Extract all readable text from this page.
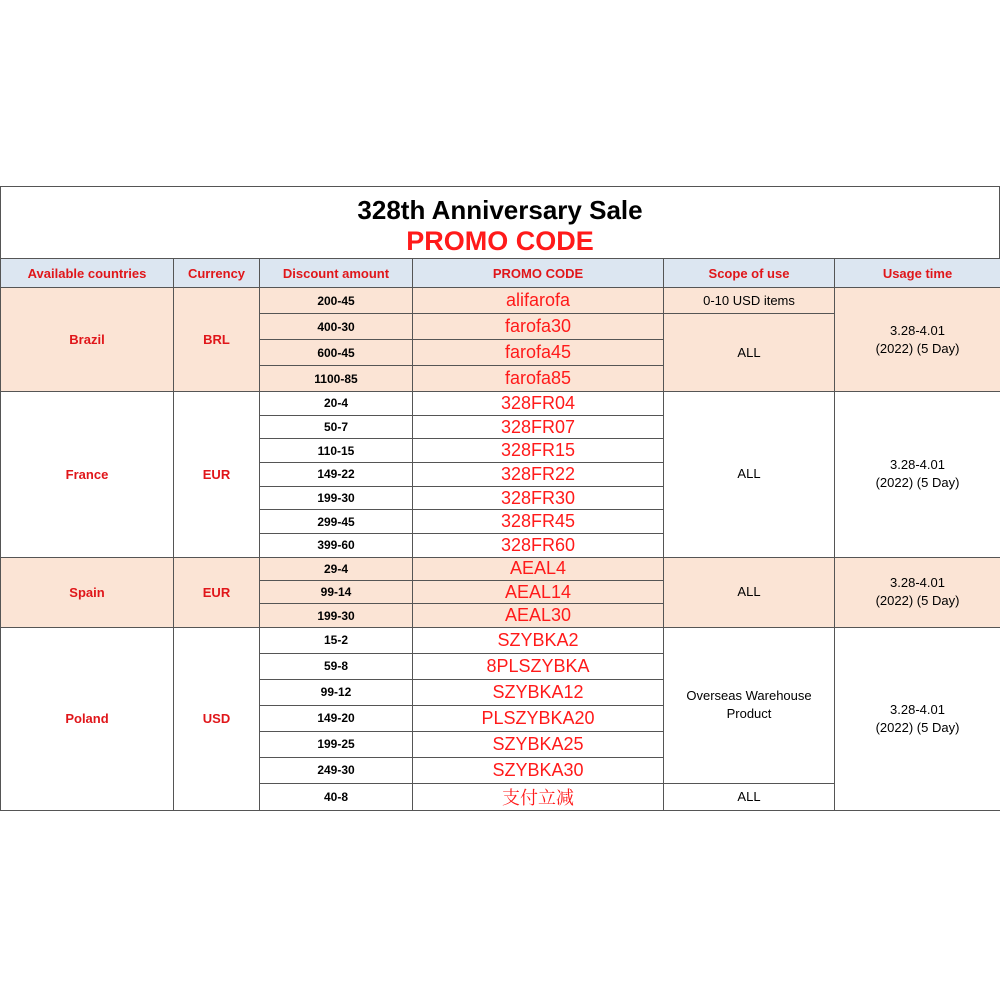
328th Anniversary Sale
PROMO CODE
Available countries	Currency	Discount amount	PROMO CODE	Scope of use	Usage time
Brazil	BRL	200-45	alifarofa	0-10 USD items	3.28-4.01
(2022) (5 Day)

		400-30	farofa30	ALL	
		600-45	farofa45		
		1100-85	farofa85		
France	EUR	20-4	328FR04	ALL	3.28-4.01
(2022) (5 Day)

		50-7	328FR07		
		110-15	328FR15		
		149-22	328FR22		
		199-30	328FR30		
		299-45	328FR45		
		399-60	328FR60		
Spain	EUR	29-4	AEAL4	ALL	3.28-4.01
(2022) (5 Day)

		99-14	AEAL14		
		199-30	AEAL30		
Poland	USD	15-2	SZYBKA2	Overseas Warehouse Product	3.28-4.01
(2022) (5 Day)

		59-8	8PLSZYBKA		
		99-12	SZYBKA12		
		149-20	PLSZYBKA20		
		199-25	SZYBKA25		
		249-30	SZYBKA30		
		40-8	支付立减	ALL	
